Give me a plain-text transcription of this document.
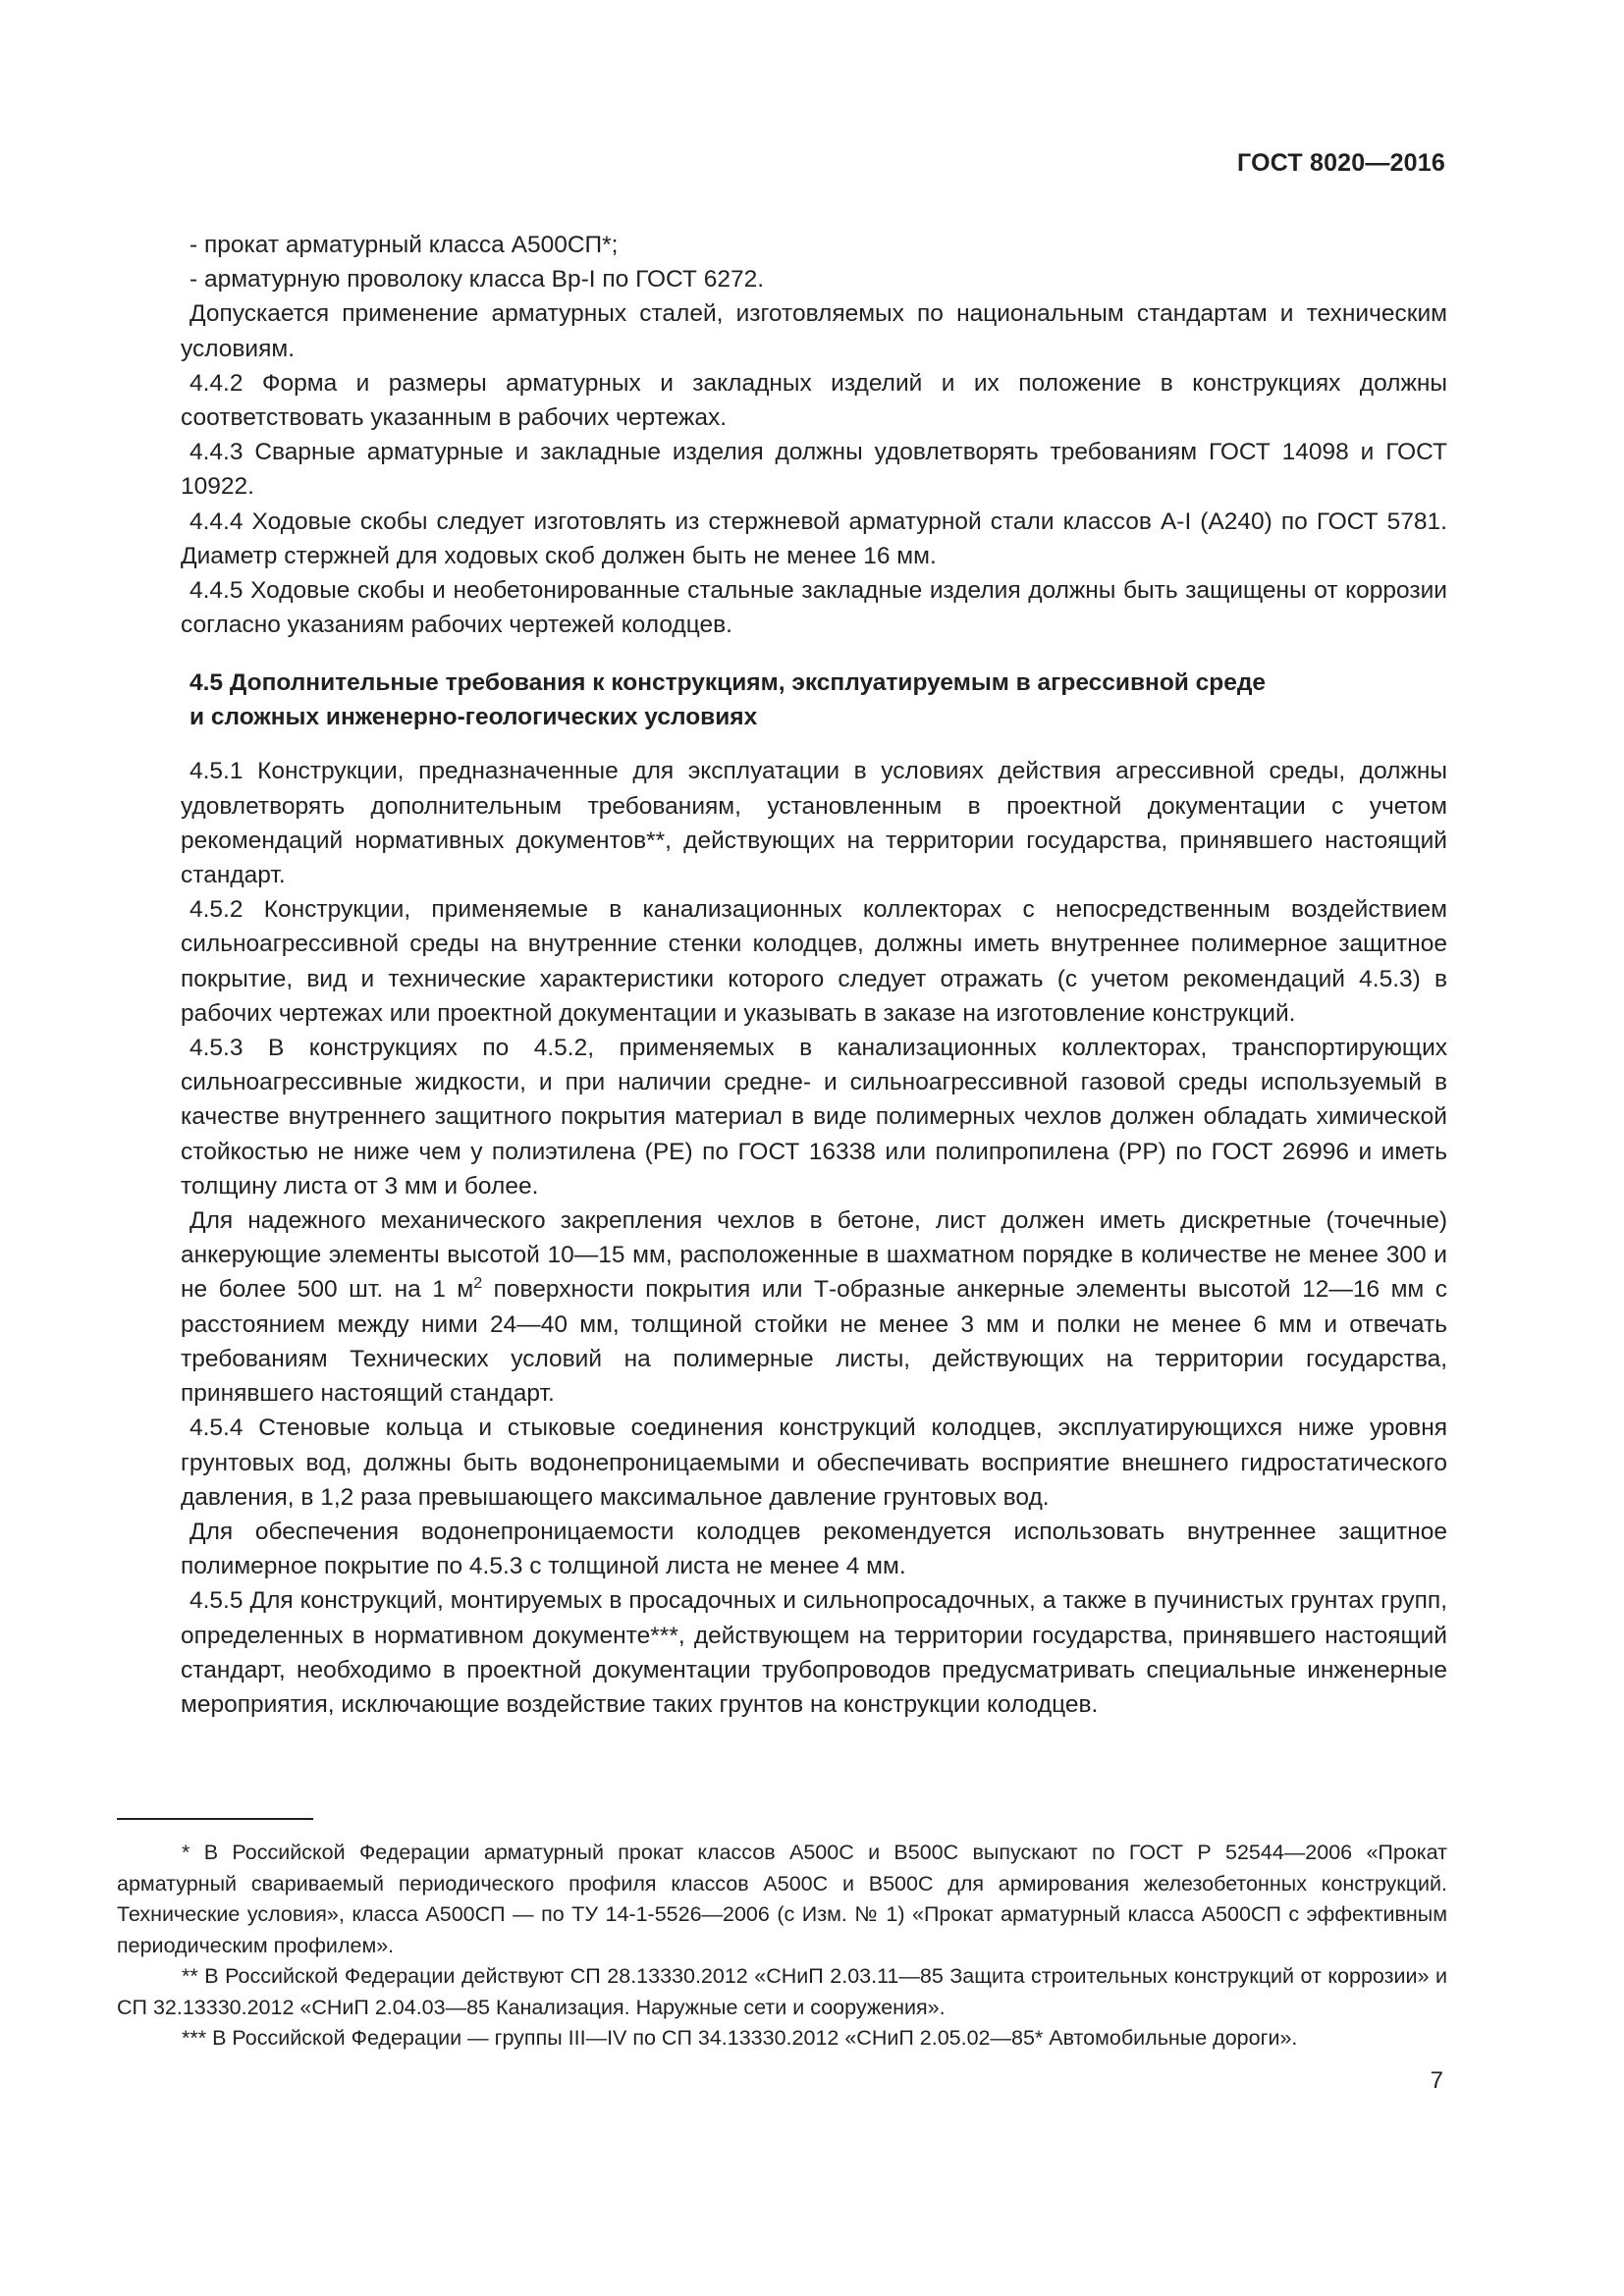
ГОСТ 8020—2016

- прокат арматурный класса А500СП*;

- арматурную проволоку класса Вр-I по ГОСТ 6272.

Допускается применение арматурных сталей, изготовляемых по национальным стандартам и техническим условиям.

4.4.2 Форма и размеры арматурных и закладных изделий и их положение в конструкциях должны соответствовать указанным в рабочих чертежах.

4.4.3 Сварные арматурные и закладные изделия должны удовлетворять требованиям ГОСТ 14098 и ГОСТ 10922.

4.4.4 Ходовые скобы следует изготовлять из стержневой арматурной стали классов А-I (А240) по ГОСТ 5781. Диаметр стержней для ходовых скоб должен быть не менее 16 мм.

4.4.5 Ходовые скобы и необетонированные стальные закладные изделия должны быть защищены от коррозии согласно указаниям рабочих чертежей колодцев.

4.5 Дополнительные требования к конструкциям, эксплуатируемым в агрессивной среде
и сложных инженерно-геологических условиях

4.5.1 Конструкции, предназначенные для эксплуатации в условиях действия агрессивной среды, должны удовлетворять дополнительным требованиям, установленным в проектной документации с учетом рекомендаций нормативных документов**, действующих на территории государства, принявшего настоящий стандарт.

4.5.2 Конструкции, применяемые в канализационных коллекторах с непосредственным воздействием сильноагрессивной среды на внутренние стенки колодцев, должны иметь внутреннее полимерное защитное покрытие, вид и технические характеристики которого следует отражать (с учетом рекомендаций 4.5.3) в рабочих чертежах или проектной документации и указывать в заказе на изготовление конструкций.

4.5.3 В конструкциях по 4.5.2, применяемых в канализационных коллекторах, транспортирующих сильноагрессивные жидкости, и при наличии средне- и сильноагрессивной газовой среды используемый в качестве внутреннего защитного покрытия материал в виде полимерных чехлов должен обладать химической стойкостью не ниже чем у полиэтилена (РЕ) по ГОСТ 16338 или полипропилена (РР) по ГОСТ 26996 и иметь толщину листа от 3 мм и более.

Для надежного механического закрепления чехлов в бетоне, лист должен иметь дискретные (точечные) анкерующие элементы высотой 10—15 мм, расположенные в шахматном порядке в количестве не менее 300 и не более 500 шт. на 1 $м^2$ поверхности покрытия или Т-образные анкерные элементы высотой 12—16 мм с расстоянием между ними 24—40 мм, толщиной стойки не менее 3 мм и полки не менее 6 мм и отвечать требованиям Технических условий на полимерные листы, действующих на территории государства, принявшего настоящий стандарт.

4.5.4 Стеновые кольца и стыковые соединения конструкций колодцев, эксплуатирующихся ниже уровня грунтовых вод, должны быть водонепроницаемыми и обеспечивать восприятие внешнего гидростатического давления, в 1,2 раза превышающего максимальное давление грунтовых вод.

Для обеспечения водонепроницаемости колодцев рекомендуется использовать внутреннее защитное полимерное покрытие по 4.5.3 с толщиной листа не менее 4 мм.

4.5.5 Для конструкций, монтируемых в просадочных и сильнопросадочных, а также в пучинистых грунтах групп, определенных в нормативном документе***, действующем на территории государства, принявшего настоящий стандарт, необходимо в проектной документации трубопроводов предусматривать специальные инженерные мероприятия, исключающие воздействие таких грунтов на конструкции колодцев.

* В Российской Федерации арматурный прокат классов А500С и В500С выпускают по ГОСТ Р 52544—2006 «Прокат арматурный свариваемый периодического профиля классов А500С и В500С для армирования железобетонных конструкций. Технические условия», класса А500СП — по ТУ 14-1-5526—2006 (с Изм. № 1) «Прокат арматурный класса А500СП с эффективным периодическим профилем».

** В Российской Федерации действуют СП 28.13330.2012 «СНиП 2.03.11—85 Защита строительных конструкций от коррозии» и СП 32.13330.2012 «СНиП 2.04.03—85 Канализация. Наружные сети и сооружения».

*** В Российской Федерации — группы III—IV по СП 34.13330.2012 «СНиП 2.05.02—85* Автомобильные дороги».

7
